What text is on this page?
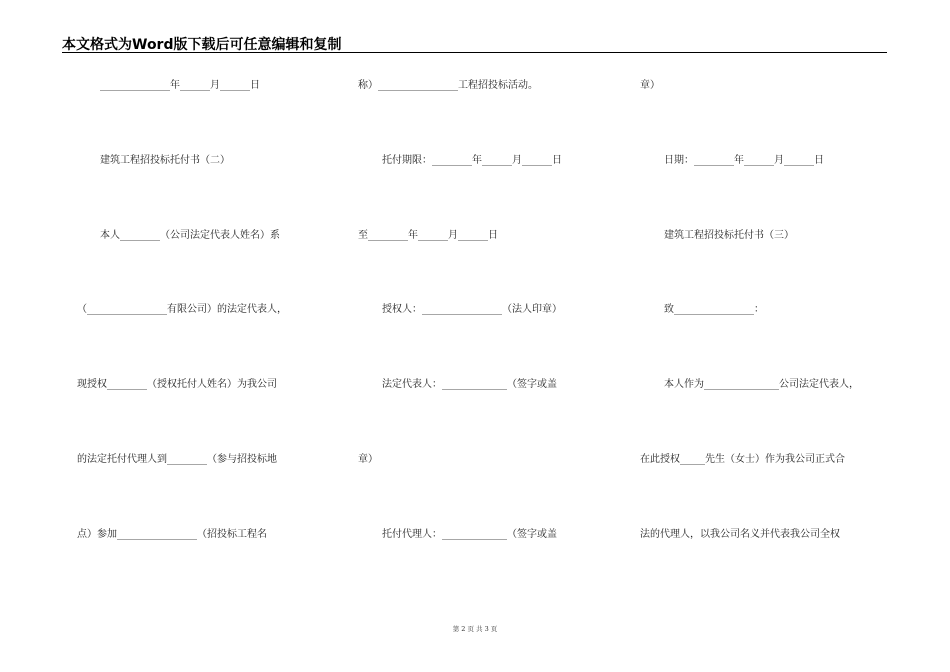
本文格式为Word版下载后可任意编辑和复制
______________年______月______日
建筑工程招投标托付书（二）
本人________（公司法定代表人姓名）系
（________________有限公司）的法定代表人，
现授权________（授权托付人姓名）为我公司
的法定托付代理人到________（参与招投标地
点）参加________________（招投标工程名
称）________________工程招投标活动。
托付期限：________年______月______日
至________年______月______日
授权人：________________（法人印章）
法定代表人：_____________（签字或盖
章）
托付代理人：_____________（签字或盖
章）
日期：________年______月______日
建筑工程招投标托付书（三）
致________________：
本人作为_______________公司法定代表人，
在此授权_____先生（女士）作为我公司正式合
法的代理人，以我公司名义并代表我公司全权
第 2 页 共 3 页
